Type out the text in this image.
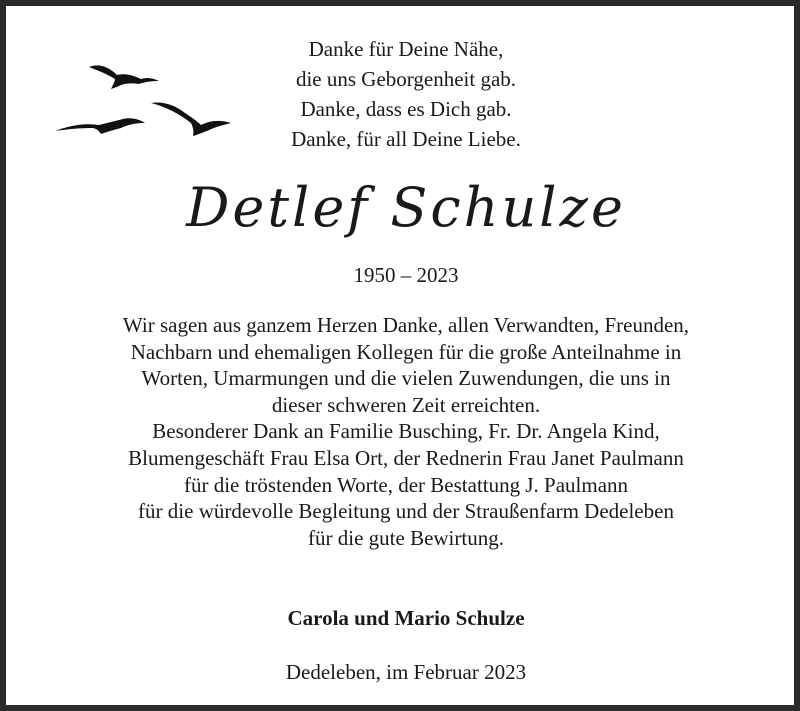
Danke für Deine Nähe,
die uns Geborgenheit gab.
Danke, dass es Dich gab.
Danke, für all Deine Liebe.
Detlef Schulze
1950 – 2023
Wir sagen aus ganzem Herzen Danke, allen Verwandten, Freunden,
Nachbarn und ehemaligen Kollegen für die große Anteilnahme in
Worten, Umarmungen und die vielen Zuwendungen, die uns in
dieser schweren Zeit erreichten.
Besonderer Dank an Familie Busching, Fr. Dr. Angela Kind,
Blumengeschäft Frau Elsa Ort, der Rednerin Frau Janet Paulmann
für die tröstenden Worte, der Bestattung J. Paulmann
für die würdevolle Begleitung und der Straußenfarm Dedeleben
für die gute Bewirtung.
Carola und Mario Schulze
Dedeleben, im Februar 2023
